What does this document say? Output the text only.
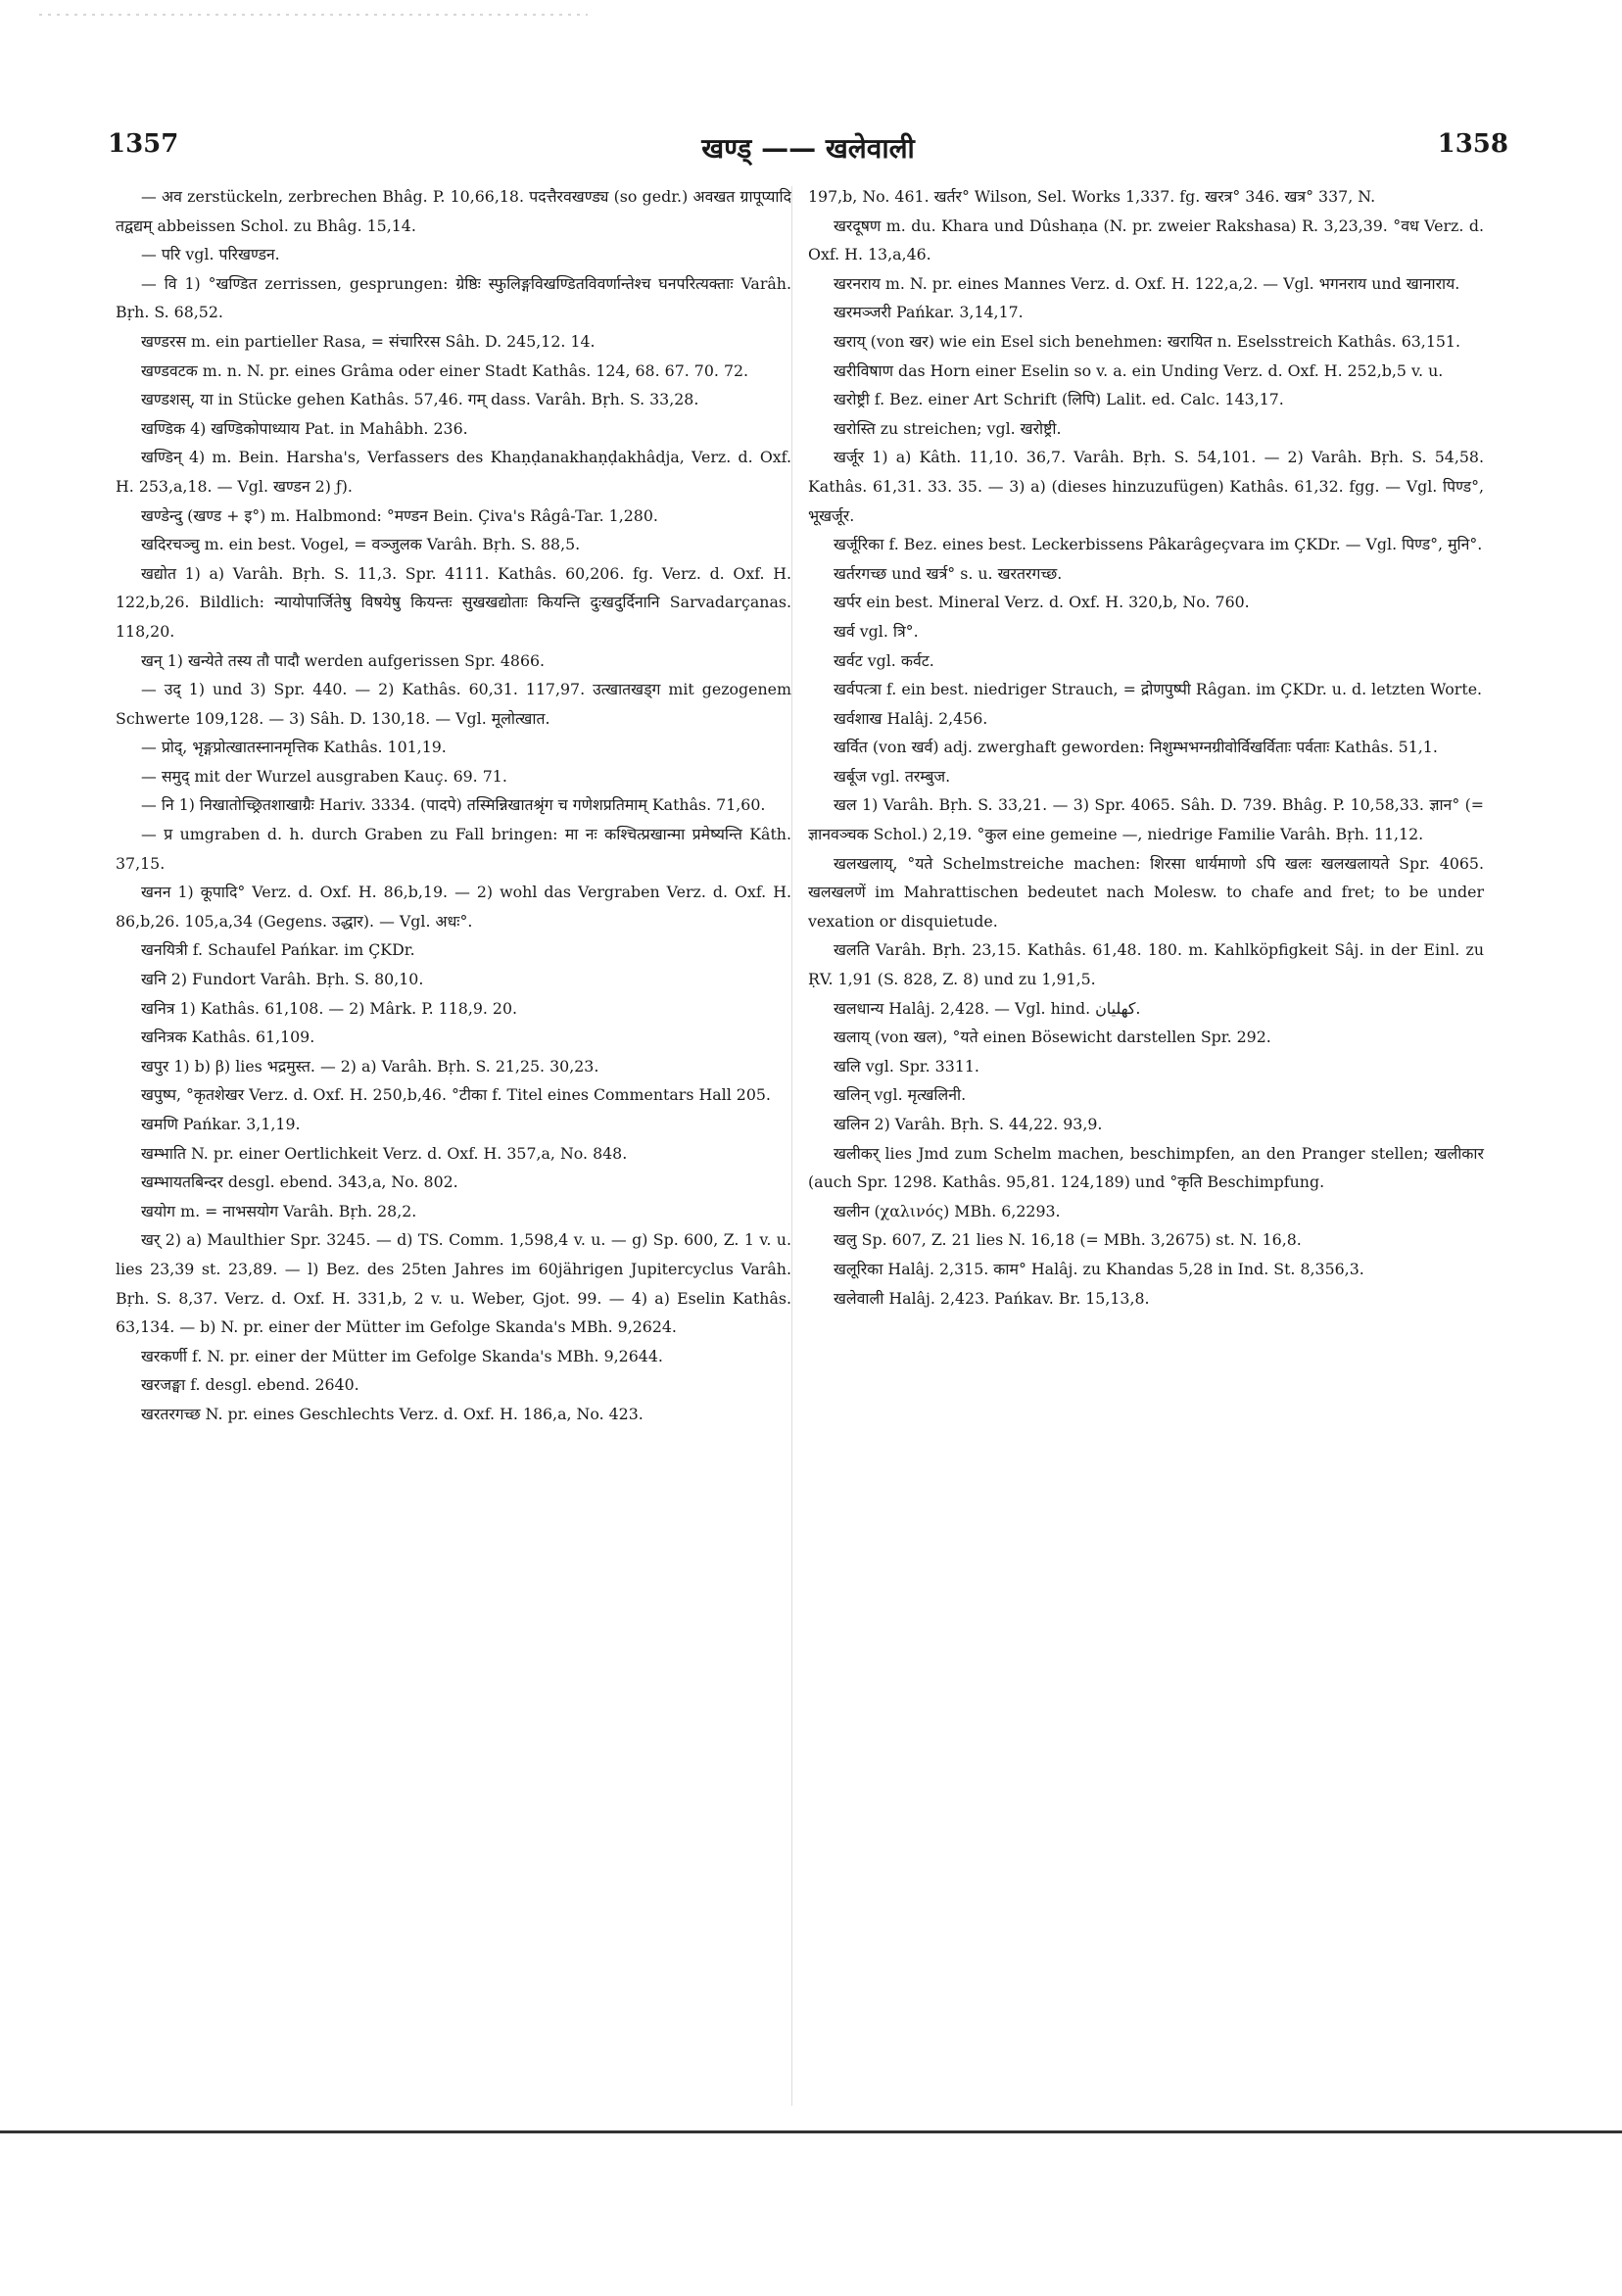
1357	खण्ड् —— खलेवाली	1358

— अव zerstückeln, zerbrechen Bhâg. P. 10,66,18. पदत्तैरवखण्ड्य (so gedr.) अवखत ग्रापूप्यादि तद्वद्यम् abbeissen Schol. zu Bhâg. 15,14.

— परि vgl. परिखण्डन.

— वि 1) °खण्डित zerrissen, gesprungen: ग्रेष्ठिः स्फुलिङ्गविखण्डितविवर्णान्तेश्च घनपरित्यक्ताः Varâh. Bṛh. S. 68,52.

खण्डरस m. ein partieller Rasa, = संचारिरस Sâh. D. 245,12. 14.

खण्डवटक m. n. N. pr. eines Grâma oder einer Stadt Kathâs. 124, 68. 67. 70. 72.

खण्डशस्, या in Stücke gehen Kathâs. 57,46. गम् dass. Varâh. Bṛh. S. 33,28.

खण्डिक 4) खण्डिकोपाध्याय Pat. in Mahâbh. 236.

खण्डिन् 4) m. Bein. Harsha's, Verfassers des Khaṇḍanakhaṇḍakhâdja, Verz. d. Oxf. H. 253,a,18. — Vgl. खण्डन 2) ƒ).

खण्डेन्दु (खण्ड + इ°) m. Halbmond: °मण्डन Bein. Çiva's Râgâ-Tar. 1,280.

खदिरचञ्चु m. ein best. Vogel, = वञ्जुलक Varâh. Bṛh. S. 88,5.

खद्योत 1) a) Varâh. Bṛh. S. 11,3. Spr. 4111. Kathâs. 60,206. fg. Verz. d. Oxf. H. 122,b,26. Bildlich: न्यायोपार्जितेषु विषयेषु कियन्तः सुखखद्योताः कियन्ति दुःखदुर्दिनानि Sarvadarçanas. 118,20.

खन् 1) खन्येते तस्य तौ पादौ werden aufgerissen Spr. 4866.

— उद् 1) und 3) Spr. 440. — 2) Kathâs. 60,31. 117,97. उत्खातखड्ग mit gezogenem Schwerte 109,128. — 3) Sâh. D. 130,18. — Vgl. मूलोत्खात.

— प्रोद्, भृङ्गप्रोत्खातस्नानमृत्तिक Kathâs. 101,19.

— समुद् mit der Wurzel ausgraben Kauç. 69. 71.

— नि 1) निखातोच्छ्रितशाखाग्रैः Hariv. 3334. (पादपे) तस्मिन्निखातश्रृंग च गणेशप्रतिमाम् Kathâs. 71,60.

— प्र umgraben d. h. durch Graben zu Fall bringen: मा नः कश्चित्प्रखान्मा प्रमेष्यन्ति Kâth. 37,15.

खनन 1) कूपादि° Verz. d. Oxf. H. 86,b,19. — 2) wohl das Vergraben Verz. d. Oxf. H. 86,b,26. 105,a,34 (Gegens. उद्धार). — Vgl. अधः°.

खनयित्री f. Schaufel Pańkar. im ÇKDr.

खनि 2) Fundort Varâh. Bṛh. S. 80,10.

खनित्र 1) Kathâs. 61,108. — 2) Mârk. P. 118,9. 20.

खनित्रक Kathâs. 61,109.

खपुर 1) b) β) lies भद्रमुस्त. — 2) a) Varâh. Bṛh. S. 21,25. 30,23.

खपुष्प, °कृतशेखर Verz. d. Oxf. H. 250,b,46. °टीका f. Titel eines Commentars Hall 205.

खमणि Pańkar. 3,1,19.

खम्भाति N. pr. einer Oertlichkeit Verz. d. Oxf. H. 357,a, No. 848.

खम्भायतबिन्दर desgl. ebend. 343,a, No. 802.

खयोग m. = नाभसयोग Varâh. Bṛh. 28,2.

खर् 2) a) Maulthier Spr. 3245. — d) TS. Comm. 1,598,4 v. u. — g) Sp. 600, Z. 1 v. u. lies 23,39 st. 23,89. — l) Bez. des 25ten Jahres im 60jährigen Jupitercyclus Varâh. Bṛh. S. 8,37. Verz. d. Oxf. H. 331,b, 2 v. u. Weber, Gjot. 99. — 4) a) Eselin Kathâs. 63,134. — b) N. pr. einer der Mütter im Gefolge Skanda's MBh. 9,2624.

खरकर्णी f. N. pr. einer der Mütter im Gefolge Skanda's MBh. 9,2644.

खरजङ्घा f. desgl. ebend. 2640.

खरतरगच्छ N. pr. eines Geschlechts Verz. d. Oxf. H. 186,a, No. 423.

197,b, No. 461. खर्तर° Wilson, Sel. Works 1,337. fg. खरत्र° 346. खत्र° 337, N.

खरदूषण m. du. Khara und Dûshaṇa (N. pr. zweier Rakshasa) R. 3,23,39. °वध Verz. d. Oxf. H. 13,a,46.

खरनराय m. N. pr. eines Mannes Verz. d. Oxf. H. 122,a,2. — Vgl. भगनराय und खानाराय.

खरमञ्जरी Pańkar. 3,14,17.

खराय् (von खर) wie ein Esel sich benehmen: खरायित n. Eselsstreich Kathâs. 63,151.

खरीविषाण das Horn einer Eselin so v. a. ein Unding Verz. d. Oxf. H. 252,b,5 v. u.

खरोष्ट्री f. Bez. einer Art Schrift (लिपि) Lalit. ed. Calc. 143,17.

खरोस्ति zu streichen; vgl. खरोष्ट्री.

खर्जूर 1) a) Kâth. 11,10. 36,7. Varâh. Bṛh. S. 54,101. — 2) Varâh. Bṛh. S. 54,58. Kathâs. 61,31. 33. 35. — 3) a) (dieses hinzuzufügen) Kathâs. 61,32. fgg. — Vgl. पिण्ड°, भूखर्जूर.

खर्जूरिका f. Bez. eines best. Leckerbissens Pâkarâgeçvara im ÇKDr. — Vgl. पिण्ड°, मुनि°.

खर्तरगच्छ und खर्त्र° s. u. खरतरगच्छ.

खर्पर ein best. Mineral Verz. d. Oxf. H. 320,b, No. 760.

खर्व vgl. त्रि°.

खर्वट vgl. कर्वट.

खर्वपत्त्रा f. ein best. niedriger Strauch, = द्रोणपुष्पी Râgan. im ÇKDr. u. d. letzten Worte.

खर्वशाख Halâj. 2,456.

खर्वित (von खर्व) adj. zwerghaft geworden: निशुम्भभग्नग्रीवोर्विखर्विताः पर्वताः Kathâs. 51,1.

खर्बूज vgl. तरम्बुज.

खल 1) Varâh. Bṛh. S. 33,21. — 3) Spr. 4065. Sâh. D. 739. Bhâg. P. 10,58,33. ज्ञान° (= ज्ञानवञ्चक Schol.) 2,19. °कुल eine gemeine —, niedrige Familie Varâh. Bṛh. 11,12.

खलखलाय्, °यते Schelmstreiche machen: शिरसा धार्यमाणो ऽपि खलः खलखलायते Spr. 4065. खलखलणें im Mahrattischen bedeutet nach Molesw. to chafe and fret; to be under vexation or disquietude.

खलति Varâh. Bṛh. 23,15. Kathâs. 61,48. 180. m. Kahlköpfigkeit Sâj. in der Einl. zu ṚV. 1,91 (S. 828, Z. 8) und zu 1,91,5.

खलधान्य Halâj. 2,428. — Vgl. hind. کهلیان.

खलाय् (von खल), °यते einen Bösewicht darstellen Spr. 292.

खलि vgl. Spr. 3311.

खलिन् vgl. मृत्खलिनी.

खलिन 2) Varâh. Bṛh. S. 44,22. 93,9.

खलीकर् lies Jmd zum Schelm machen, beschimpfen, an den Pranger stellen; खलीकार (auch Spr. 1298. Kathâs. 95,81. 124,189) und °कृति Beschimpfung.

खलीन (χαλινός) MBh. 6,2293.

खलु Sp. 607, Z. 21 lies N. 16,18 (= MBh. 3,2675) st. N. 16,8.

खलूरिका Halâj. 2,315. काम° Halâj. zu Khandas 5,28 in Ind. St. 8,356,3.

खलेवाली Halâj. 2,423. Pańkav. Br. 15,13,8.
